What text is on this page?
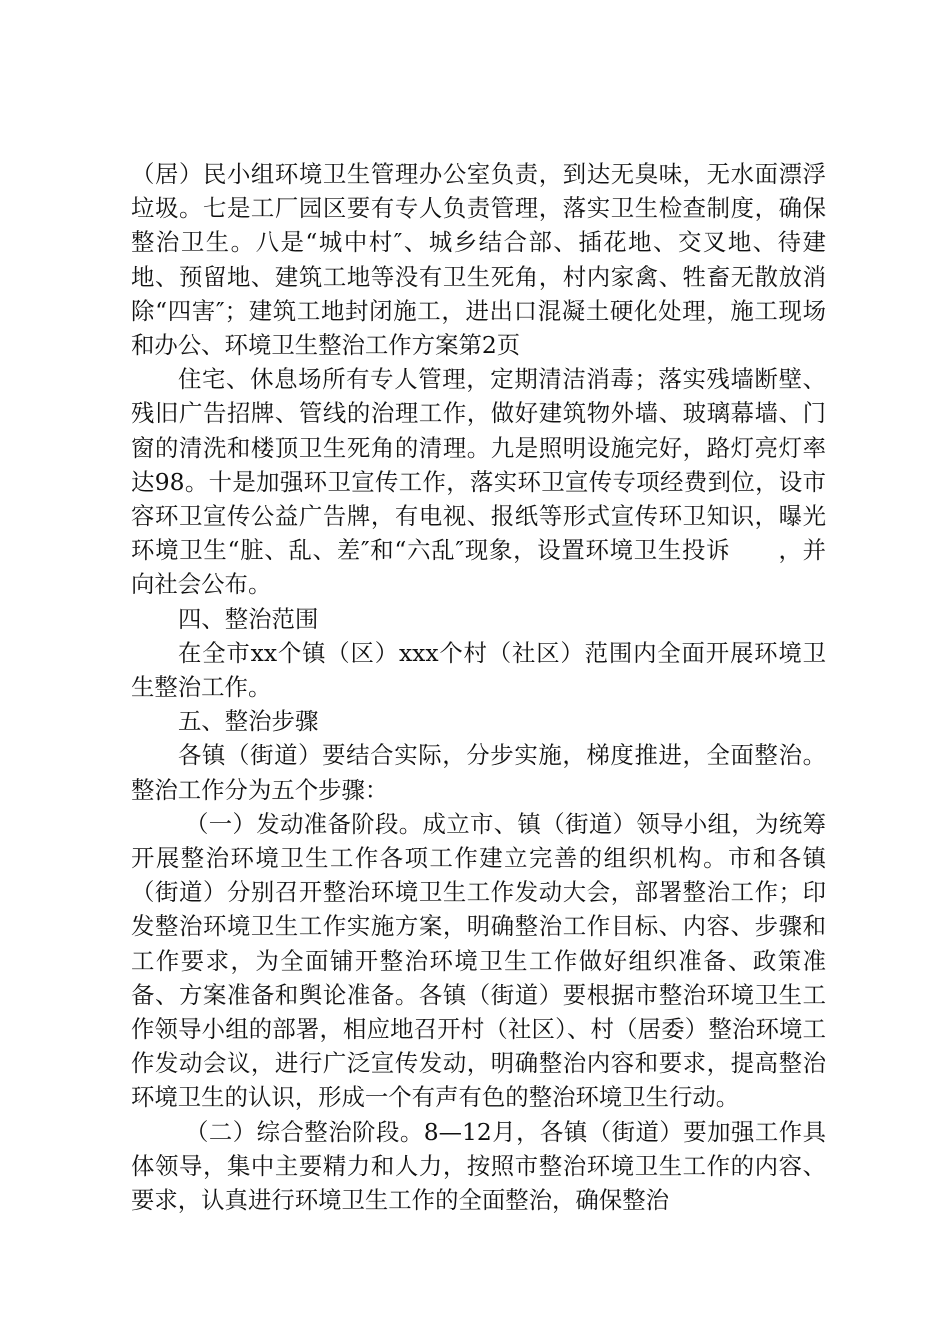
（居）民小组环境卫生管理办公室负责，到达无臭味，无水面漂浮垃圾。七是工厂园区要有专人负责管理，落实卫生检查制度，确保整治卫生。八是“城中村″、城乡结合部、插花地、交叉地、待建地、预留地、建筑工地等没有卫生死角，村内家禽、牲畜无散放消除“四害″；建筑工地封闭施工，进出口混凝土硬化处理，施工现场和办公、环境卫生整治工作方案第2页

住宅、休息场所有专人管理，定期清洁消毒；落实残墙断壁、残旧广告招牌、管线的治理工作，做好建筑物外墙、玻璃幕墙、门窗的清洗和楼顶卫生死角的清理。九是照明设施完好，路灯亮灯率达98。十是加强环卫宣传工作，落实环卫宣传专项经费到位，设市容环卫宣传公益广告牌，有电视、报纸等形式宣传环卫知识，曝光环境卫生“脏、乱、差″和“六乱″现象，设置环境卫生投诉　　，并向社会公布。

四、整治范围

在全市xx个镇（区）xxx个村（社区）范围内全面开展环境卫生整治工作。

五、整治步骤

各镇（街道）要结合实际，分步实施，梯度推进，全面整治。整治工作分为五个步骤：

（一）发动准备阶段。成立市、镇（街道）领导小组，为统筹开展整治环境卫生工作各项工作建立完善的组织机构。市和各镇（街道）分别召开整治环境卫生工作发动大会，部署整治工作；印发整治环境卫生工作实施方案，明确整治工作目标、内容、步骤和工作要求，为全面铺开整治环境卫生工作做好组织准备、政策准备、方案准备和舆论准备。各镇（街道）要根据市整治环境卫生工作领导小组的部署，相应地召开村（社区）、村（居委）整治环境工作发动会议，进行广泛宣传发动，明确整治内容和要求，提高整治环境卫生的认识，形成一个有声有色的整治环境卫生行动。

（二）综合整治阶段。8—12月，各镇（街道）要加强工作具体领导，集中主要精力和人力，按照市整治环境卫生工作的内容、要求，认真进行环境卫生工作的全面整治，确保整治
